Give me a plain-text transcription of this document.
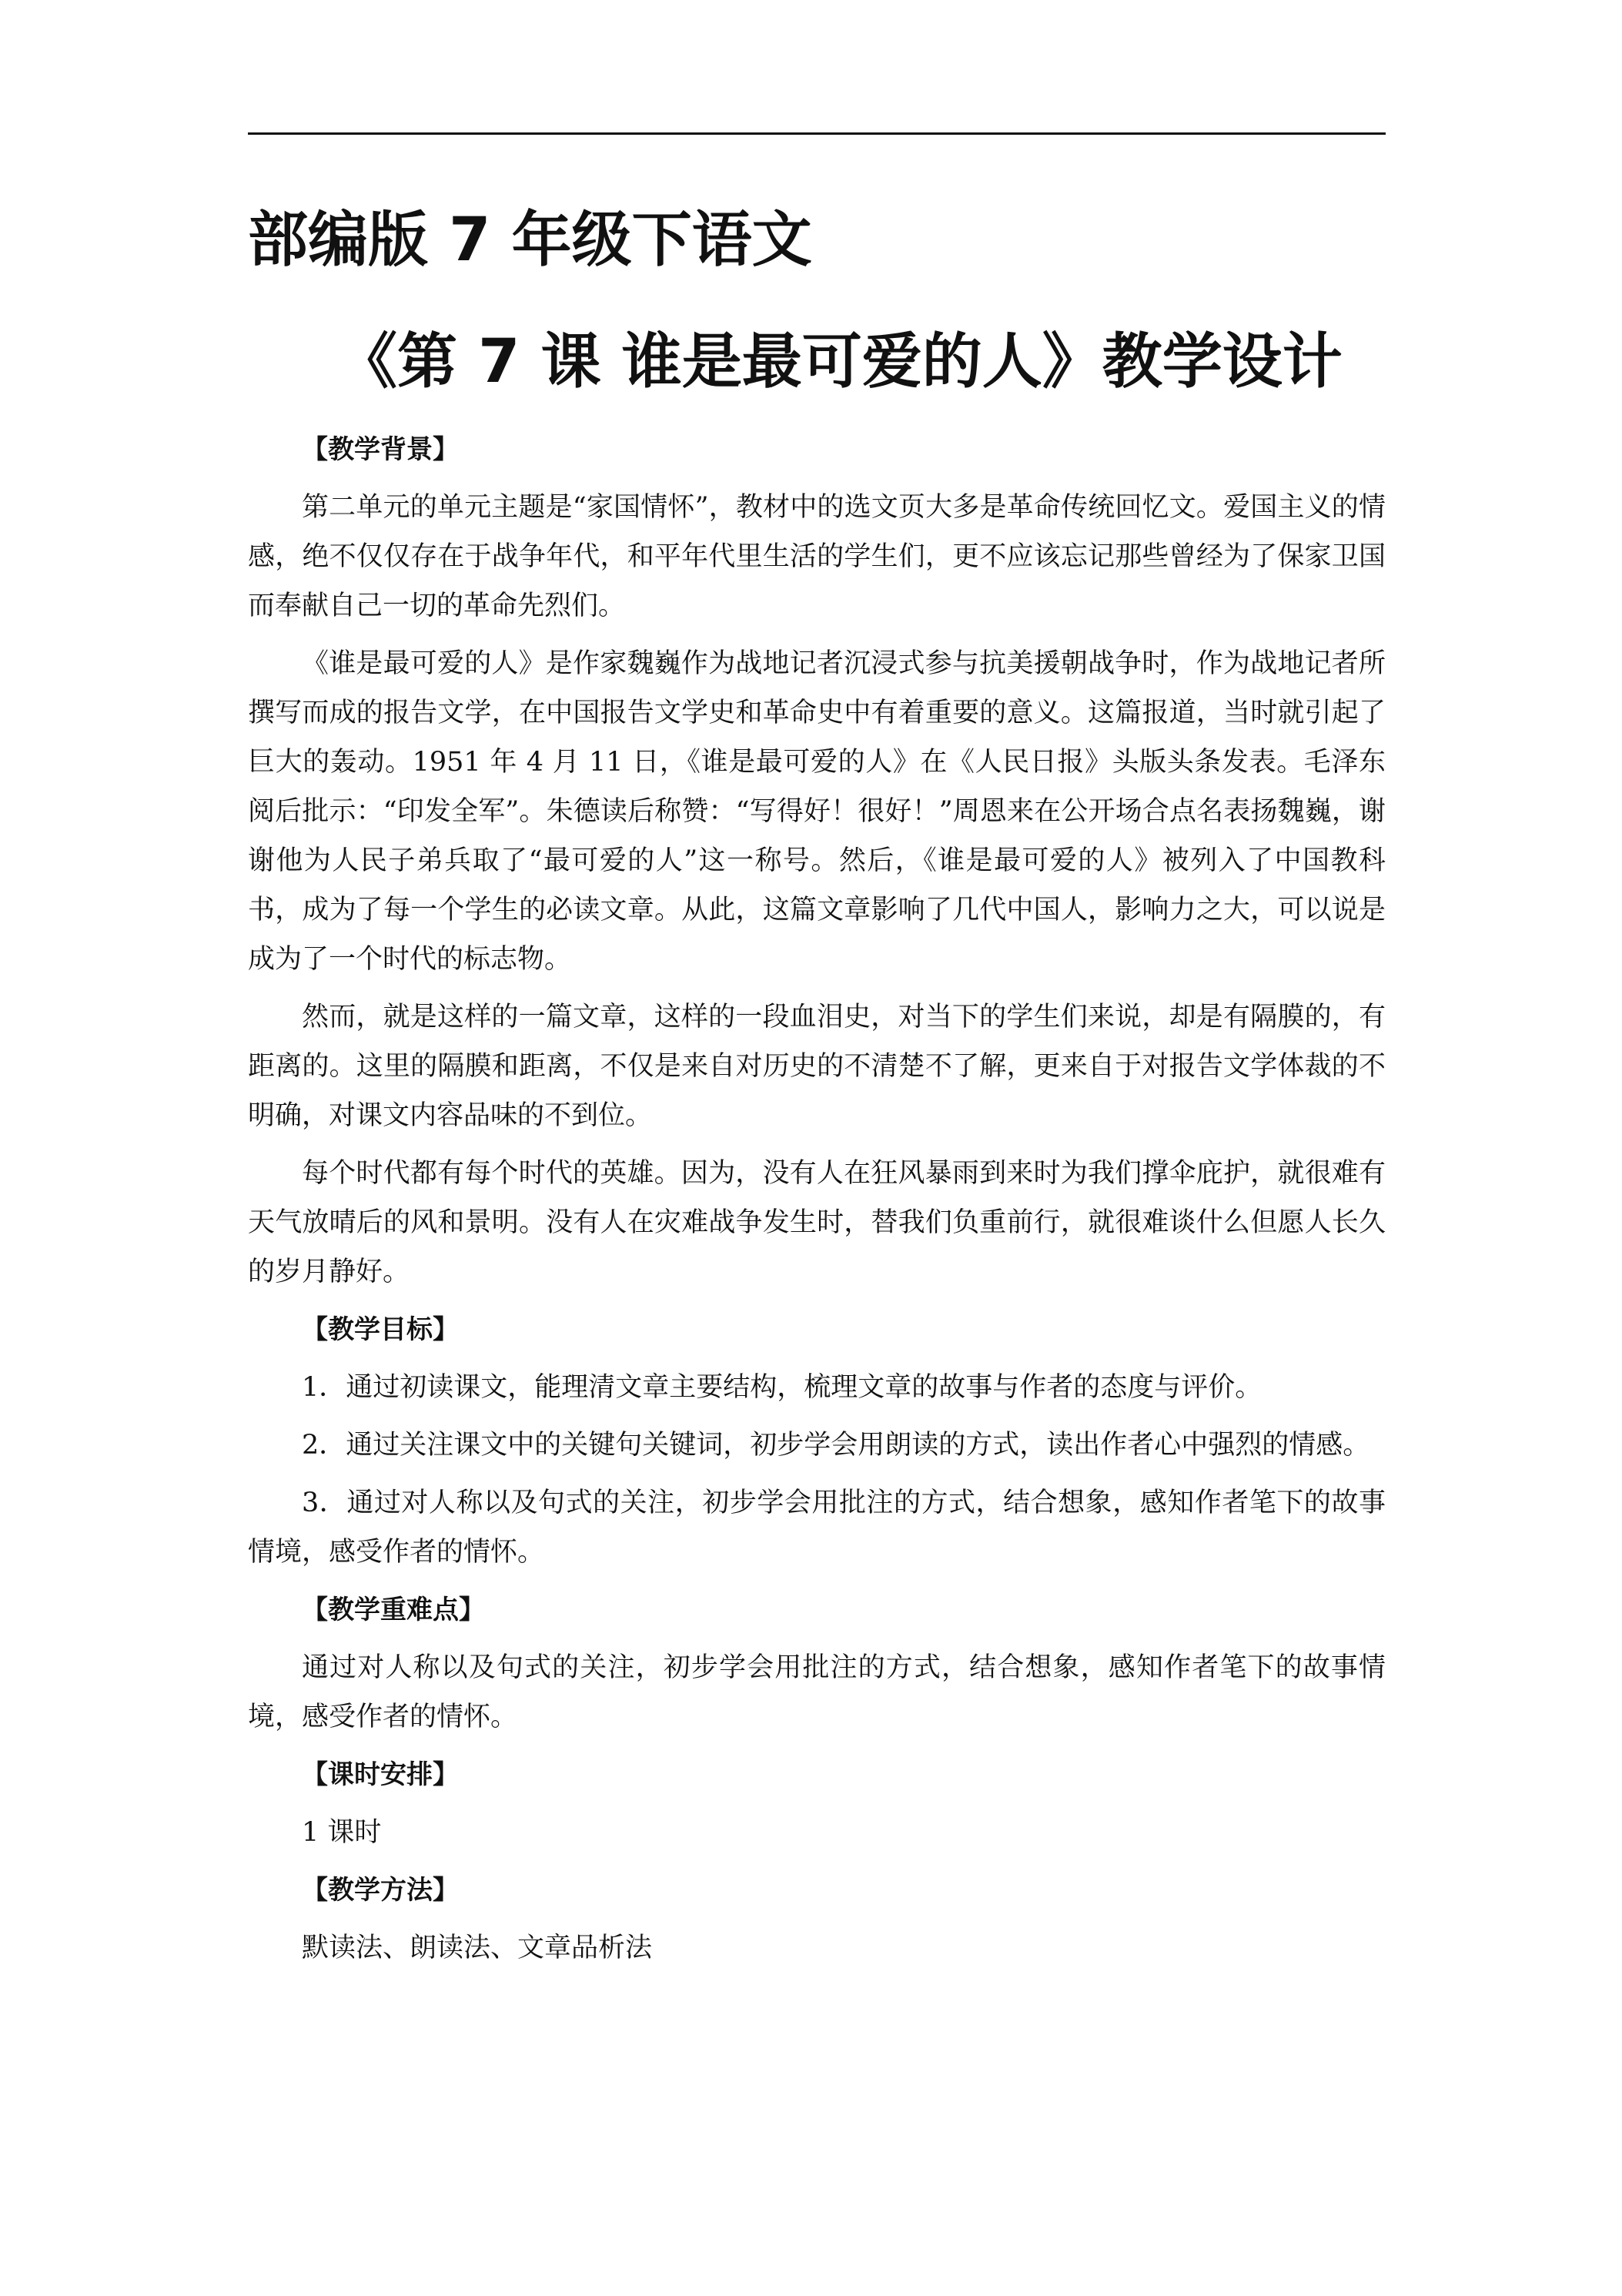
部编版 7 年级下语文
《第 7 课 谁是最可爱的人》教学设计
【教学背景】

第二单元的单元主题是“家国情怀”，教材中的选文页大多是革命传统回忆文。爱国主义的情感，绝不仅仅存在于战争年代，和平年代里生活的学生们，更不应该忘记那些曾经为了保家卫国而奉献自己一切的革命先烈们。

《谁是最可爱的人》是作家魏巍作为战地记者沉浸式参与抗美援朝战争时，作为战地记者所撰写而成的报告文学，在中国报告文学史和革命史中有着重要的意义。这篇报道，当时就引起了巨大的轰动。1951 年 4 月 11 日，《谁是最可爱的人》在《人民日报》头版头条发表。毛泽东阅后批示：“印发全军”。朱德读后称赞：“写得好！很好！”周恩来在公开场合点名表扬魏巍，谢谢他为人民子弟兵取了“最可爱的人”这一称号。然后，《谁是最可爱的人》被列入了中国教科书，成为了每一个学生的必读文章。从此，这篇文章影响了几代中国人，影响力之大，可以说是成为了一个时代的标志物。

然而，就是这样的一篇文章，这样的一段血泪史，对当下的学生们来说，却是有隔膜的，有距离的。这里的隔膜和距离，不仅是来自对历史的不清楚不了解，更来自于对报告文学体裁的不明确，对课文内容品味的不到位。

每个时代都有每个时代的英雄。因为，没有人在狂风暴雨到来时为我们撑伞庇护，就很难有天气放晴后的风和景明。没有人在灾难战争发生时，替我们负重前行，就很难谈什么但愿人长久的岁月静好。

【教学目标】

1．通过初读课文，能理清文章主要结构，梳理文章的故事与作者的态度与评价。

2．通过关注课文中的关键句关键词，初步学会用朗读的方式，读出作者心中强烈的情感。

3．通过对人称以及句式的关注，初步学会用批注的方式，结合想象，感知作者笔下的故事情境，感受作者的情怀。

【教学重难点】

通过对人称以及句式的关注，初步学会用批注的方式，结合想象，感知作者笔下的故事情境，感受作者的情怀。

【课时安排】

1 课时

【教学方法】

默读法、朗读法、文章品析法
